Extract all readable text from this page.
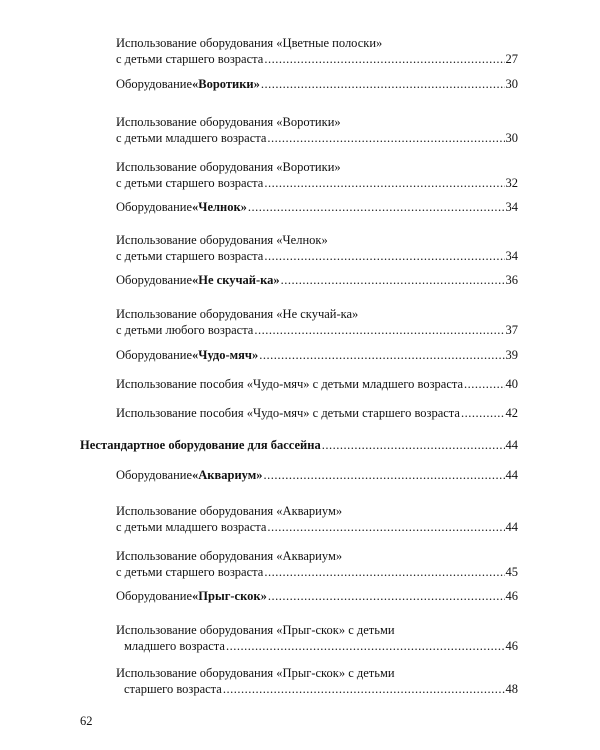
Использование оборудования «Цветные полоски»
с детьми старшего возраста .....	27
Оборудование «Воротики» .....	30
Использование оборудования «Воротики»
с детьми младшего возраста .....	30
Использование оборудования «Воротики»
с детьми старшего возраста .....	32
Оборудование «Челнок» .....	34
Использование оборудования «Челнок»
с детьми старшего возраста .....	34
Оборудование «Не скучай-ка» .....	36
Использование оборудования «Не скучай-ка»
с детьми любого возраста .....	37
Оборудование «Чудо-мяч» .....	39
Использование пособия «Чудо-мяч» с детьми младшего возраста .....	40
Использование пособия «Чудо-мяч» с детьми старшего возраста .....	42
Нестандартное оборудование для бассейна .....	44
Оборудование «Аквариум» .....	44
Использование оборудования «Аквариум»
с детьми младшего возраста .....	44
Использование оборудования «Аквариум»
с детьми старшего возраста .....	45
Оборудование «Прыг-скок» .....	46
Использование оборудования «Прыг-скок» с детьми
младшего возраста .....	46
Использование оборудования «Прыг-скок» с детьми
старшего возраста .....	48
62
